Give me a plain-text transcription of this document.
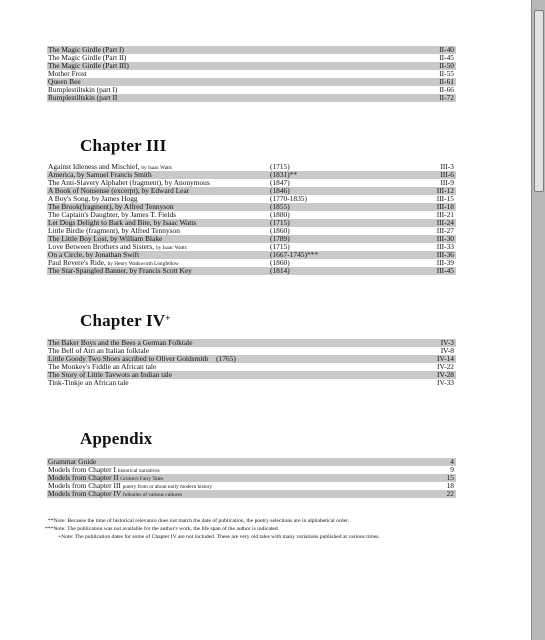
The Magic Girdle (Part I)	II-40
The Magic Girdle (Part II)	II-45
The Magic Girdle (Part III)	II-50
Mother Frost	II-55
Queen Bee	II-61
Rumplestiltskin (part I)	II-66
Rumplestiltskin (part II	II-72
Chapter III
Against Idleness and Mischief, by Isaac Watts	(1715)	III-3
America, by Samuel Francis Smith	(1831)**	III-6
The Anti-Slavery Alphabet (fragment), by Anonymous	(1847)	III-9
A Book of Nonsense (excerpt), by Edward Lear	(1846)	III-12
A Boy's Song, by James Hogg	(1770-1835)	III-15
The Brook(fragment), by Alfred Tennyson	(1855)	III-18
The Captain's Daughter, by James T. Fields	(1880)	III-21
Let Dogs Delight to Bark and Bite, by Isaac Watts	(1715)	III-24
Little Birdie (fragment), by Alfred Tennyson	(1860)	III-27
The Little Boy Lost, by William Blake	(1789)	III-30
Love Between Brothers and Sisters, by Isaac Watts	(1715)	III-33
On a Circle, by Jonathan Swift	(1667-1745)***	III-36
Paul Revere's Ride, by Henry Wadsworth Longfellow	(1860)	III-39
The Star-Spangled Banner, by Francis Scott Key	(1814)	III-45
Chapter IV+
The Baker Boys and the Bees a German Folktale	IV-3
The Bell of Atri an Italian folktale	IV-8
Little Goody Two Shoes ascribed to Oliver Goldsmith (1765)	IV-14
The Monkey's Fiddle an African tale	IV-22
The Story of Little Tavwots an Indian tale	IV-28
Tink-Tinkje an African tale	IV-33
Appendix
Grammar Guide	4
Models from Chapter I historical narratives	9
Models from Chapter II Grimm's Fairy Tales	15
Models from Chapter III poetry from or about early modern history	18
Models from Chapter IV folktales of various cultures	22
**Note: Because the time of historical relevance does not match the date of publication, the poetry selections are in alphabetical order.
***Note: The publication was not available for the author's work, the life span of the author is indicated.
+Note: The publication dates for some of Chapter IV are not included. These are very old tales with many variations published at various times.
